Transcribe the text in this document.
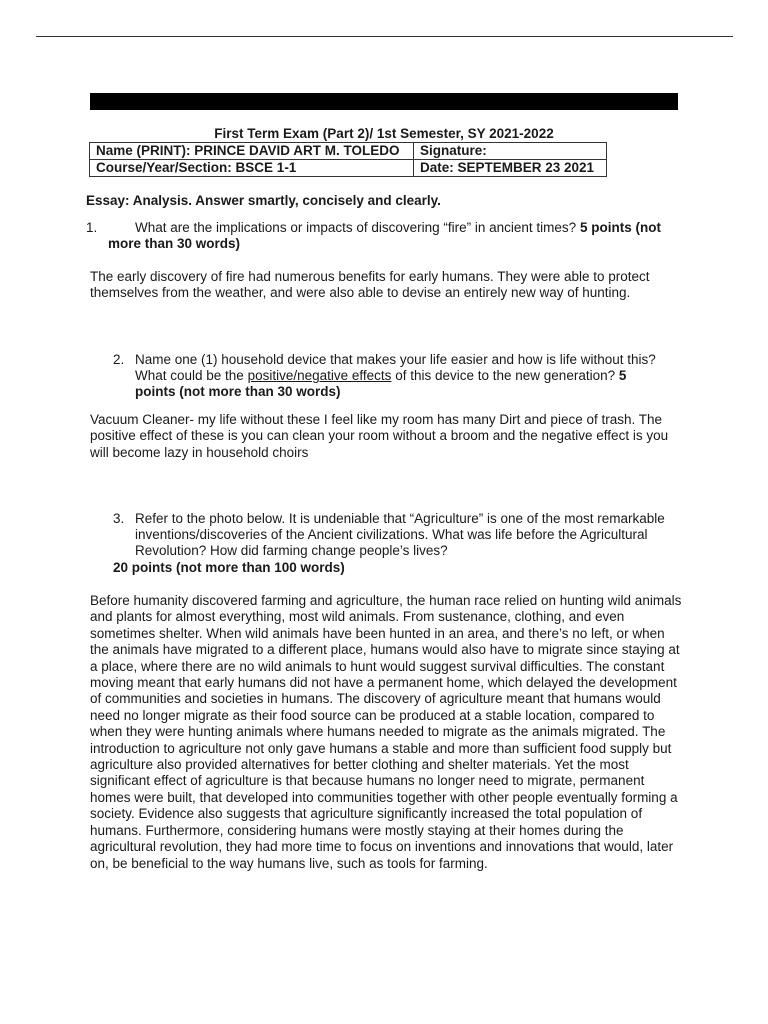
First Term Exam (Part 2)/ 1st Semester, SY 2021-2022
Name (PRINT): PRINCE DAVID ART M. TOLEDO	Signature:
Course/Year/Section: BSCE 1-1	Date: SEPTEMBER 23 2021
Essay: Analysis. Answer smartly, concisely and clearly.
1.	What are the implications or impacts of discovering “fire” in ancient times? 5 points (not
more than 30 words)
The early discovery of fire had numerous benefits for early humans. They were able to protect themselves from the weather, and were also able to devise an entirely new way of hunting.
2. Name one (1) household device that makes your life easier and how is life without this?
What could be the positive/negative effects of this device to the new generation? 5
points (not more than 30 words)
Vacuum Cleaner- my life without these I feel like my room has many Dirt and piece of trash. The positive effect of these is you can clean your room without a broom and the negative effect is you will become lazy in household choirs
3. Refer to the photo below. It is undeniable that “Agriculture” is one of the most remarkable inventions/discoveries of the Ancient civilizations. What was life before the Agricultural Revolution? How did farming change people’s lives?
20 points (not more than 100 words)
Before humanity discovered farming and agriculture, the human race relied on hunting wild animals and plants for almost everything, most wild animals. From sustenance, clothing, and even sometimes shelter. When wild animals have been hunted in an area, and there’s no left, or when the animals have migrated to a different place, humans would also have to migrate since staying at a place, where there are no wild animals to hunt would suggest survival difficulties. The constant moving meant that early humans did not have a permanent home, which delayed the development of communities and societies in humans. The discovery of agriculture meant that humans would need no longer migrate as their food source can be produced at a stable location, compared to when they were hunting animals where humans needed to migrate as the animals migrated. The introduction to agriculture not only gave humans a stable and more than sufficient food supply but agriculture also provided alternatives for better clothing and shelter materials. Yet the most significant effect of agriculture is that because humans no longer need to migrate, permanent homes were built, that developed into communities together with other people eventually forming a society. Evidence also suggests that agriculture significantly increased the total population of humans. Furthermore, considering humans were mostly staying at their homes during the agricultural revolution, they had more time to focus on inventions and innovations that would, later on, be beneficial to the way humans live, such as tools for farming.
